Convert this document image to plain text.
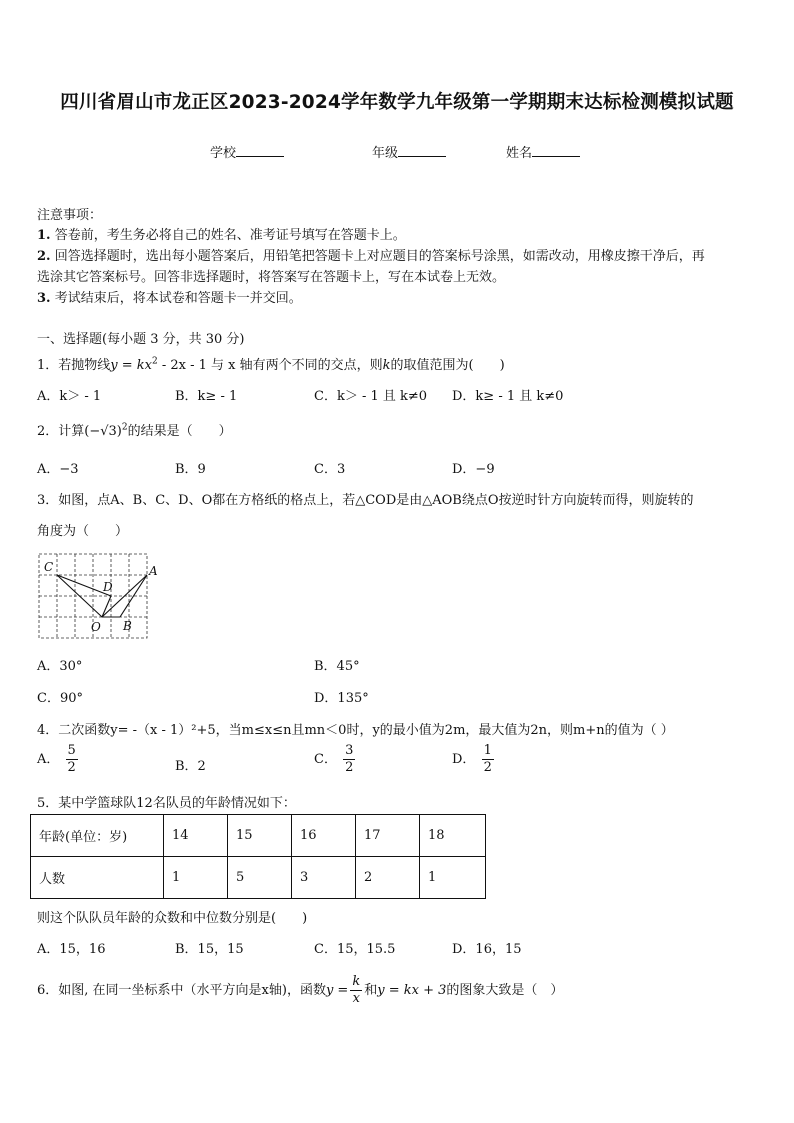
四川省眉山市龙正区2023-2024学年数学九年级第一学期期末达标检测模拟试题
学校	年级	姓名
注意事项：
1. 答卷前，考生务必将自己的姓名、准考证号填写在答题卡上。
2. 回答选择题时，选出每小题答案后，用铅笔把答题卡上对应题目的答案标号涂黑，如需改动，用橡皮擦干净后，再
选涂其它答案标号。回答非选择题时，将答案写在答题卡上，写在本试卷上无效。
3. 考试结束后，将本试卷和答题卡一并交回。
一、选择题(每小题 3 分，共 30 分)
1．若抛物线$y = kx^2 - 2x - 1$ 与 x 轴有两个不同的交点，则k的取值范围为(　　)
A．k＞ - 1	B．k≥ - 1	C．k＞ - 1 且 k≠0 D．k≥ - 1 且 k≠0
2．计算$(-√3)^2$的结果是（　　）
A．−3	B．9	C．3	D．−9
3．如图，点A、B、C、D、O都在方格纸的格点上，若△COD是由△AOB绕点O按逆时针方向旋转而得，则旋转的
角度为（　　）
C	A
D
O B
A．30°	B．45°
C．90°	D．135°
4．二次函数y= -（x - 1）²+5，当m≤x≤n且mn＜0时，y的最小值为2m，最大值为2n，则m+n的值为（ ）
A． $\frac{5}{2}$	B．2	C． $\frac{3}{2}$	D． $\frac{1}{2}$
5．某中学篮球队12名队员的年龄情况如下：
年龄(单位：岁)	14	15	16	17	18
人数	1	5	3	2	1
则这个队队员年龄的众数和中位数分别是(　　)
A．15，16	B．15，15	C．15，15.5	D．16，15
6．如图, 在同一坐标系中（水平方向是x轴)，函数$y = \frac{k}{x}$ 和y = kx + 3的图象大致是（　）
